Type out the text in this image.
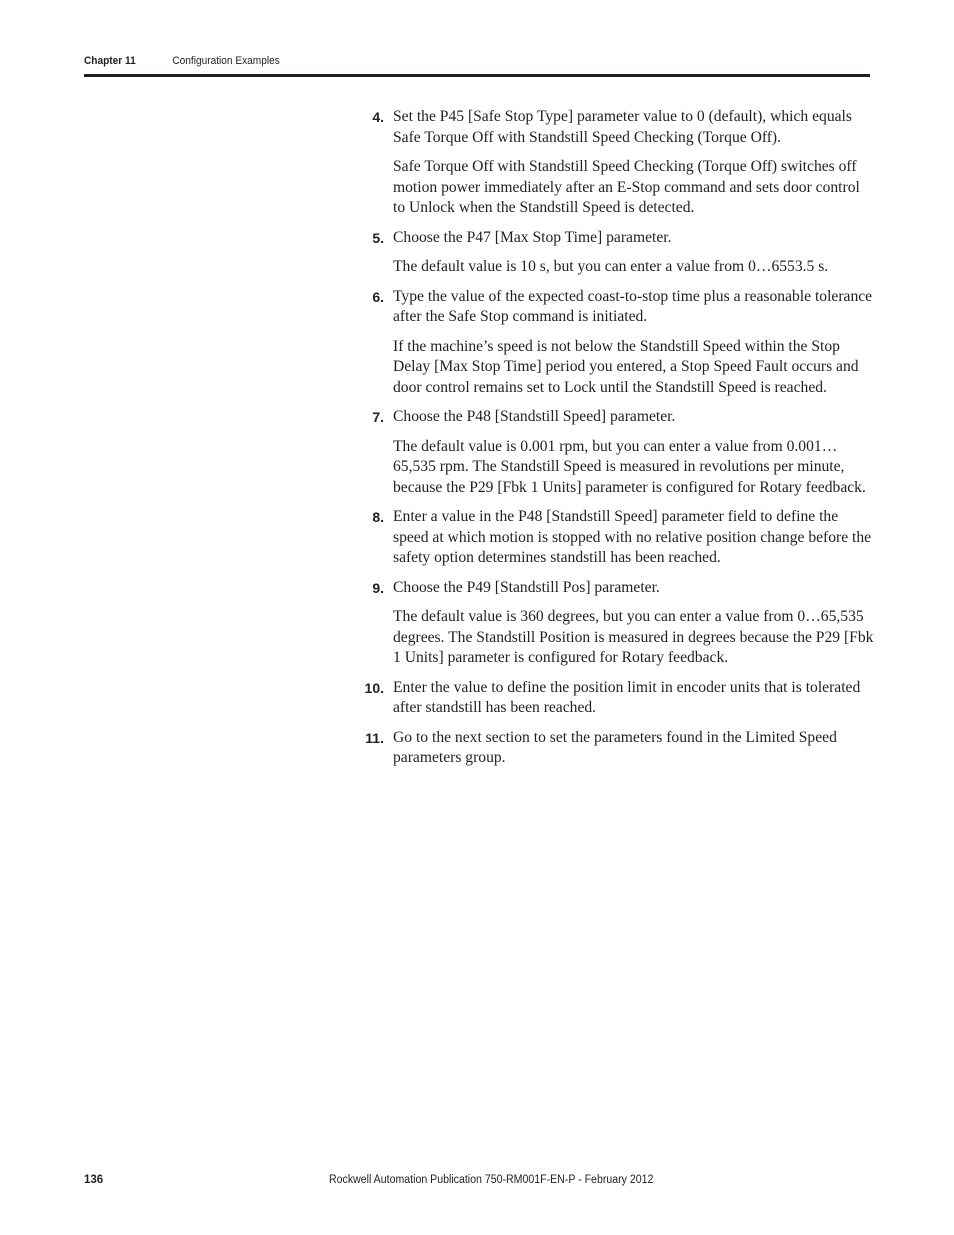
Chapter 11	Configuration Examples
4. Set the P45 [Safe Stop Type] parameter value to 0 (default), which equals Safe Torque Off with Standstill Speed Checking (Torque Off).

Safe Torque Off with Standstill Speed Checking (Torque Off) switches off motion power immediately after an E-Stop command and sets door control to Unlock when the Standstill Speed is detected.

5. Choose the P47 [Max Stop Time] parameter.

The default value is 10 s, but you can enter a value from 0…6553.5 s.

6. Type the value of the expected coast-to-stop time plus a reasonable tolerance after the Safe Stop command is initiated.

If the machine’s speed is not below the Standstill Speed within the Stop Delay [Max Stop Time] period you entered, a Stop Speed Fault occurs and door control remains set to Lock until the Standstill Speed is reached.

7. Choose the P48 [Standstill Speed] parameter.

The default value is 0.001 rpm, but you can enter a value from 0.001…65,535 rpm. The Standstill Speed is measured in revolutions per minute, because the P29 [Fbk 1 Units] parameter is configured for Rotary feedback.

8. Enter a value in the P48 [Standstill Speed] parameter field to define the speed at which motion is stopped with no relative position change before the safety option determines standstill has been reached.
9. Choose the P49 [Standstill Pos] parameter.

The default value is 360 degrees, but you can enter a value from 0…65,535 degrees. The Standstill Position is measured in degrees because the P29 [Fbk 1 Units] parameter is configured for Rotary feedback.

10. Enter the value to define the position limit in encoder units that is tolerated after standstill has been reached.
11. Go to the next section to set the parameters found in the Limited Speed parameters group.
136	Rockwell Automation Publication 750-RM001F-EN-P - February 2012
